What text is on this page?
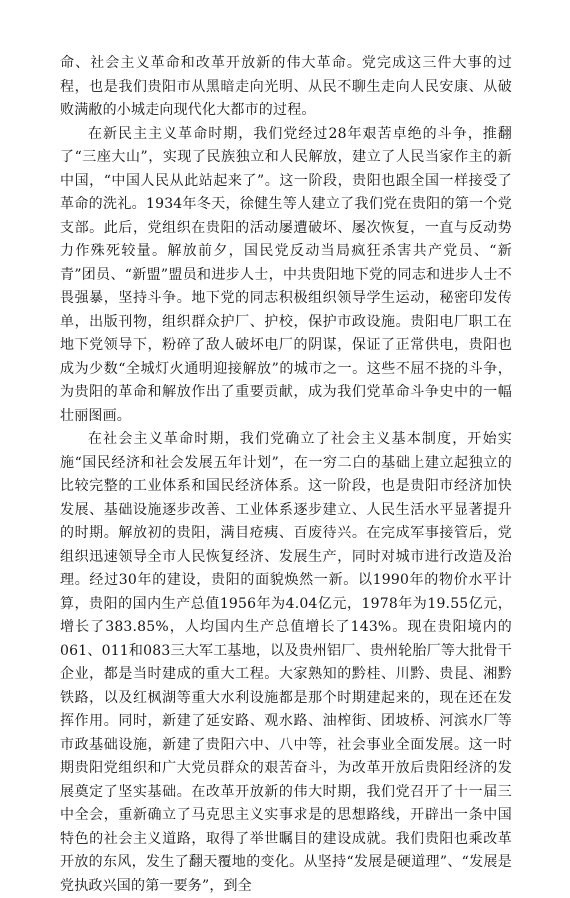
命、社会主义革命和改革开放新的伟大革命。党完成这三件大事的过程，也是我们贵阳市从黑暗走向光明、从民不聊生走向人民安康、从破败满敝的小城走向现代化大都市的过程。

在新民主主义革命时期，我们党经过28年艰苦卓绝的斗争，推翻了“三座大山”，实现了民族独立和人民解放，建立了人民当家作主的新中国，“中国人民从此站起来了”。这一阶段，贵阳也跟全国一样接受了革命的洗礼。1934年冬天，徐健生等人建立了我们党在贵阳的第一个党支部。此后，党组织在贵阳的活动屡遭破坏、屡次恢复，一直与反动势力作殊死较量。解放前夕，国民党反动当局疯狂杀害共产党员、“新青”团员、“新盟”盟员和进步人士，中共贵阳地下党的同志和进步人士不畏强暴，坚持斗争。地下党的同志积极组织领导学生运动，秘密印发传单，出版刊物，组织群众护厂、护校，保护市政设施。贵阳电厂职工在地下党领导下，粉碎了敌人破坏电厂的阴谋，保证了正常供电，贵阳也成为少数“全城灯火通明迎接解放”的城市之一。这些不屈不挠的斗争，为贵阳的革命和解放作出了重要贡献，成为我们党革命斗争史中的一幅壮丽图画。

在社会主义革命时期，我们党确立了社会主义基本制度，开始实施“国民经济和社会发展五年计划”，在一穷二白的基础上建立起独立的比较完整的工业体系和国民经济体系。这一阶段，也是贵阳市经济加快发展、基础设施逐步改善、工业体系逐步建立、人民生活水平显著提升的时期。解放初的贵阳，满目疮痍、百废待兴。在完成军事接管后，党组织迅速领导全市人民恢复经济、发展生产，同时对城市进行改造及治理。经过30年的建设，贵阳的面貌焕然一新。以1990年的物价水平计算，贵阳的国内生产总值1956年为4.04亿元，1978年为19.55亿元，增长了383.85%，人均国内生产总值增长了143%。现在贵阳境内的061、011和083三大军工基地，以及贵州铝厂、贵州轮胎厂等大批骨干企业，都是当时建成的重大工程。大家熟知的黔桂、川黔、贵昆、湘黔铁路，以及红枫湖等重大水利设施都是那个时期建起来的，现在还在发挥作用。同时，新建了延安路、观水路、油榨街、团坡桥、河滨水厂等市政基础设施，新建了贵阳六中、八中等，社会事业全面发展。这一时期贵阳党组织和广大党员群众的艰苦奋斗，为改革开放后贵阳经济的发展奠定了坚实基础。在改革开放新的伟大时期，我们党召开了十一届三中全会，重新确立了马克思主义实事求是的思想路线，开辟出一条中国特色的社会主义道路，取得了举世瞩目的建设成就。我们贵阳也乘改革开放的东风，发生了翻天覆地的变化。从坚持“发展是硬道理”、“发展是党执政兴国的第一要务”，到全
